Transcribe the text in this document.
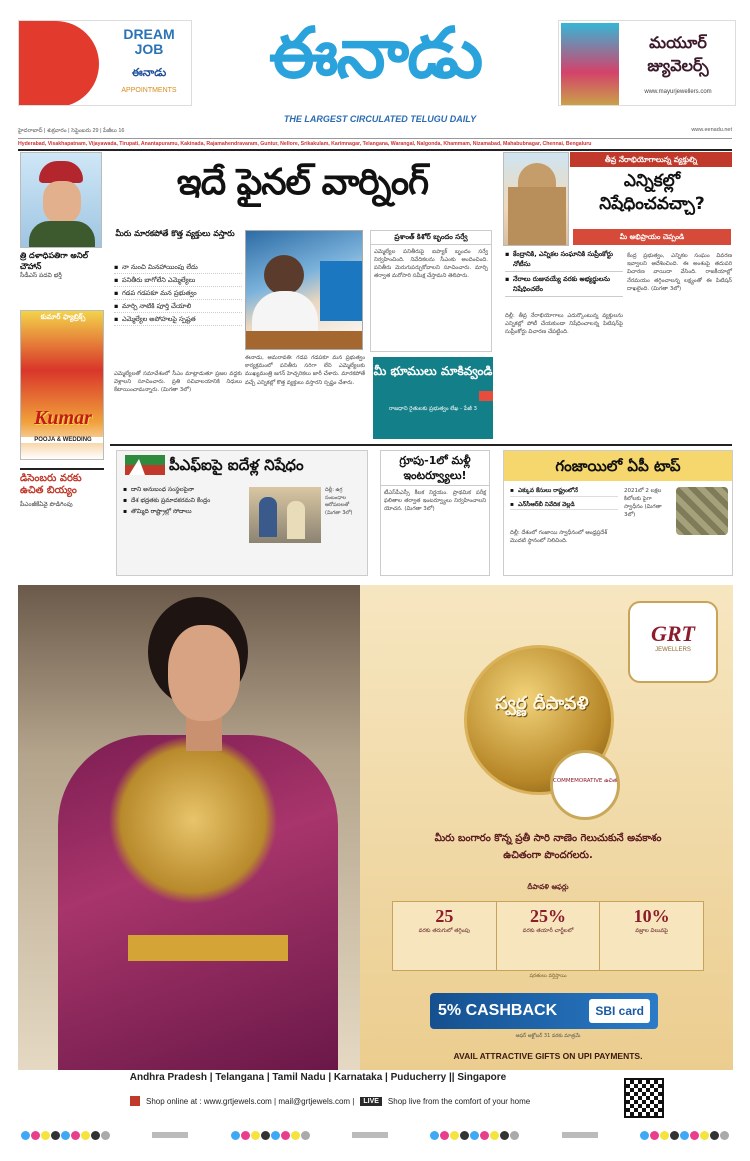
DREAM
JOB
ఈనాడు
APPOINTMENTS	ఈనాడు
THE LARGEST CIRCULATED TELUGU DAILY
మయూర్ జ్యువెలర్స్
www.mayurjewellers.com
హైదరాబాద్ | శుక్రవారం | సెప్టెంబరు 29 | పేజీలు 16	www.eenadu.net
Hyderabad, Visakhapatnam, Vijayawada, Tirupati, Anantapuramu, Kakinada, Rajamahendravaram, Guntur, Nellore, Srikakulam, Karimnagar, Telangana, Warangal, Nalgonda, Khammam, Nizamabad, Mahabubnagar, Chennai, Bengaluru
త్రి దళాధిపతిగా అనిల్ చౌహాన్
సీడీఎస్ పదవి భర్తీ
కుమార్ ఫ్యాబ్రిక్స్
Kumar
POOJA & WEDDING
డిసెంబరు వరకు ఉచిత బియ్యం
పీఎంజీకేఏవై పొడిగింపు
ఇదే ఫైనల్ వార్నింగ్
మీరు మారకపోతే కొత్త వ్యక్తులు వస్తారు
▪ నా నుంచి మినహాయింపు లేదు
▪ పనితీరు బాగోలేని ఎమ్మెల్యేలు
▪ గడప గడపకూ మన ప్రభుత్వం
▪ మార్చి నాటికి పూర్తి చేయాలి
▪ ఎమ్మెల్యేల అపోహలపై స్పష్టత
ఎమ్మెల్యేలతో సమావేశంలో సీఎం మాట్లాడుతూ ప్రజల వద్దకు వెళ్లాలని సూచించారు. ప్రతి సచివాలయానికి నిధులు కేటాయించామన్నారు. (మిగతా 3లో)
ఈనాడు, అమరావతి: గడప గడపకూ మన ప్రభుత్వం కార్యక్రమంలో పనితీరు సరిగా లేని ఎమ్మెల్యేలకు ముఖ్యమంత్రి జగన్ హెచ్చరికలు జారీ చేశారు. మారకపోతే వచ్చే ఎన్నికల్లో కొత్త వ్యక్తులు వస్తారని స్పష్టం చేశారు.
ప్రశాంత్ కిశోర్ బృందం సర్వే
ఎమ్మెల్యేల పనితీరుపై ఐప్యాక్ బృందం సర్వే నిర్వహించింది. నివేదికలను సీఎంకు అందించింది. పనితీరు మెరుగుపర్చుకోవాలని సూచించారు. మార్చి తర్వాత మరోసారి సమీక్ష చేస్తామని తెలిపారు.
మీ భూములు మాకివ్వండి
రాజధాని రైతులకు ప్రభుత్వం లేఖ - పేజీ 3
తీవ్ర నేరాభియోగాలున్న వ్యక్తుల్ని
ఎన్నికల్లో నిషేధించవచ్చా?
మీ అభిప్రాయం చెప్పండి
▪ కేంద్రానికి, ఎన్నికల సంఘానికి సుప్రీంకోర్టు నోటీసు
▪ నేరాలు రుజువయ్యే వరకు అభ్యర్థులను నిషేధించలేం
దిల్లీ: తీవ్ర నేరాభియోగాలు ఎదుర్కొంటున్న వ్యక్తులను ఎన్నికల్లో పోటీ చేయకుండా నిషేధించాలన్న పిటిషన్‌పై సుప్రీంకోర్టు విచారణ చేపట్టింది.
కేంద్ర ప్రభుత్వం, ఎన్నికల సంఘం వివరణ ఇవ్వాలని ఆదేశించింది. ఈ అంశంపై తదుపరి విచారణ వాయిదా వేసింది. రాజకీయాల్లో నేరమయం తగ్గించాలన్న లక్ష్యంతో ఈ పిటిషన్ దాఖలైంది. (మిగతా 3లో)
పీఎఫ్ఐపై ఐదేళ్ల నిషేధం
▪ దాని అనుబంధ సంస్థలపైనా
▪ దేశ భద్రతకు ప్రమాదకరమని కేంద్రం
▪ తొమ్మిది రాష్ట్రాల్లో సోదాలు
దిల్లీ: ఉగ్ర సంబంధాల ఆరోపణలతో (మిగతా 3లో)
గ్రూపు-1లో మళ్లీ ఇంటర్వ్యూలు!
టీఎస్‌పీఎస్సీ కీలక నిర్ణయం. ప్రాథమిక పరీక్ష ఫలితాల తర్వాత ఇంటర్వ్యూలు నిర్వహించాలని యోచన. (మిగతా 3లో)
గంజాయిలో ఏపీ టాప్
▪ ఎక్కువ కేసులు రాష్ట్రంలోనే
▪ ఎన్‌సీఆర్‌బీ నివేదిక వెల్లడి
దిల్లీ: దేశంలో గంజాయి స్వాధీనంలో ఆంధ్రప్రదేశ్ మొదటి స్థానంలో నిలిచింది.
2021లో 2 లక్షల కిలోలకు పైగా స్వాధీనం (మిగతా 3లో)
GRT
JEWELLERS
స్వర్ణ దీపావళి
COMMEMORATIVE ఉచిత
మీరు బంగారం కొన్న ప్రతీ సారి నాణెం గెలుచుకునే అవకాశం
ఉచితంగా పొందగలరు.
దీపావళి ఆఫర్లు
25
వరకు తరుగులో తగ్గింపు
25%
వరకు తయారీ చార్జీలలో
10%
వజ్రాల విలువపై
షరతులు వర్తిస్తాయి
5% CASHBACK	SBI card
ఆఫర్ అక్టోబర్ 31 వరకు మాత్రమే
AVAIL ATTRACTIVE GIFTS ON UPI PAYMENTS.
Andhra Pradesh | Telangana | Tamil Nadu | Karnataka | Puducherry || Singapore
Shop online at : www.grtjewels.com | mail@grtjewels.com |	LIVE	Shop live from the comfort of your home
